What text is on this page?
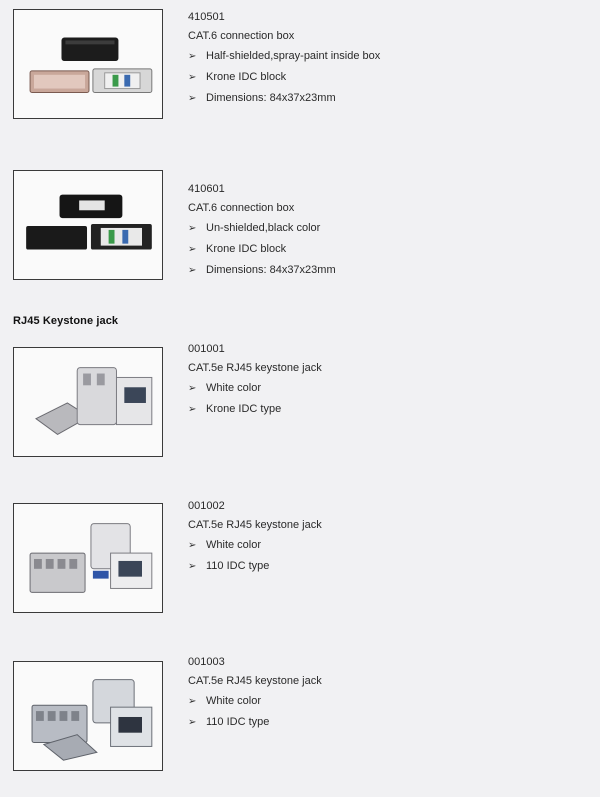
410501
CAT.6 connection box
➢ Half-shielded,spray-paint inside box
➢ Krone IDC block
➢ Dimensions: 84x37x23mm
410601
CAT.6 connection box
➢ Un-shielded,black color
➢ Krone IDC block
➢ Dimensions: 84x37x23mm
RJ45 Keystone jack
001001
CAT.5e RJ45 keystone jack
➢ White color
➢ Krone IDC type
001002
CAT.5e RJ45 keystone jack
➢ White color
➢ 110 IDC type
001003
CAT.5e RJ45 keystone jack
➢ White color
➢ 110 IDC type
